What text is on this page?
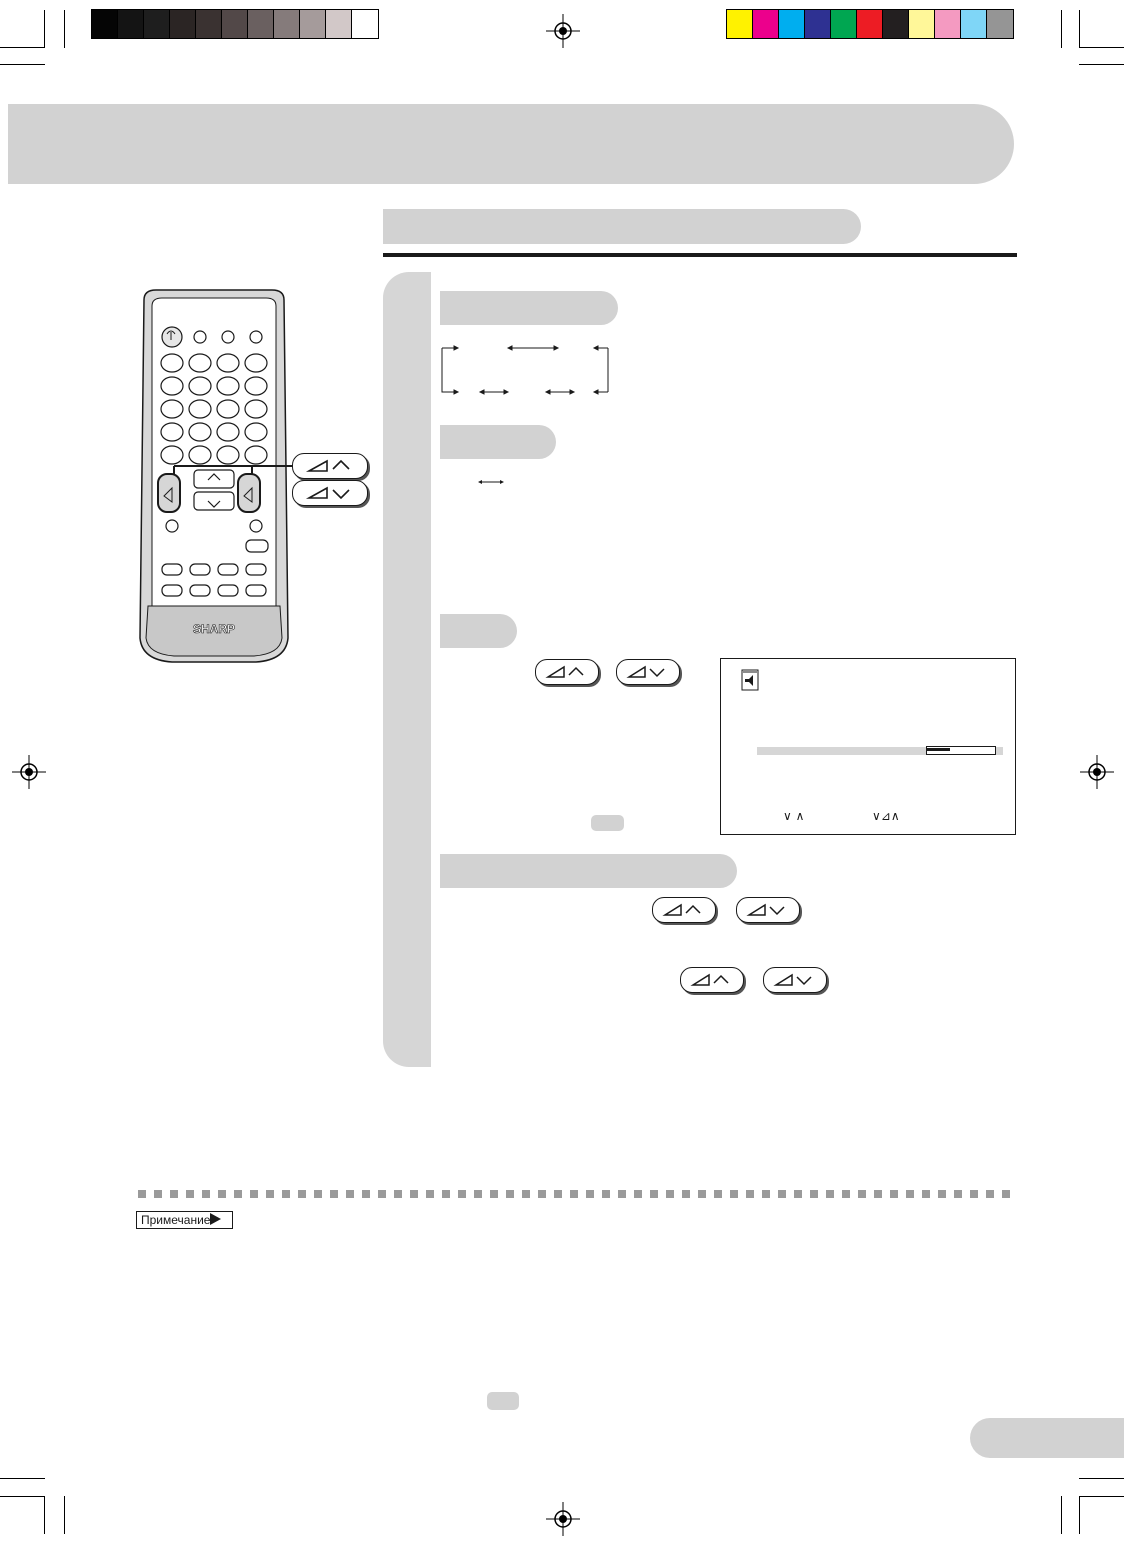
SHARP
∨ ∧	∨⊿∧
Примечание
